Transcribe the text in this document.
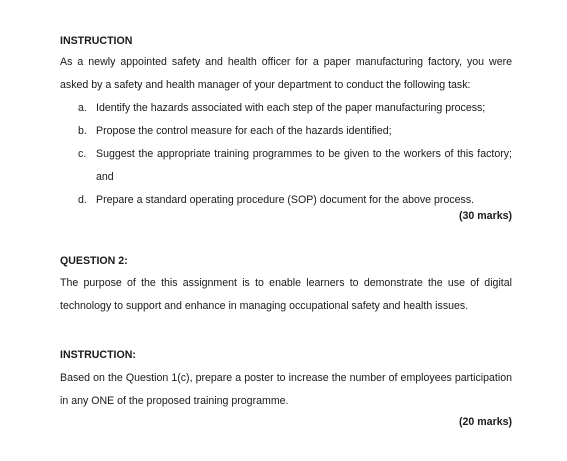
INSTRUCTION
As a newly appointed safety and health officer for a paper manufacturing factory, you were asked by a safety and health manager of your department to conduct the following task:
a. Identify the hazards associated with each step of the paper manufacturing process;
b. Propose the control measure for each of the hazards identified;
c. Suggest the appropriate training programmes to be given to the workers of this factory; and
d. Prepare a standard operating procedure (SOP) document for the above process.
(30 marks)
QUESTION 2:
The purpose of the this assignment is to enable learners to demonstrate the use of digital technology to support and enhance in managing occupational safety and health issues.
INSTRUCTION:
Based on the Question 1(c), prepare a poster to increase the number of employees participation in any ONE of the proposed training programme.
(20 marks)
